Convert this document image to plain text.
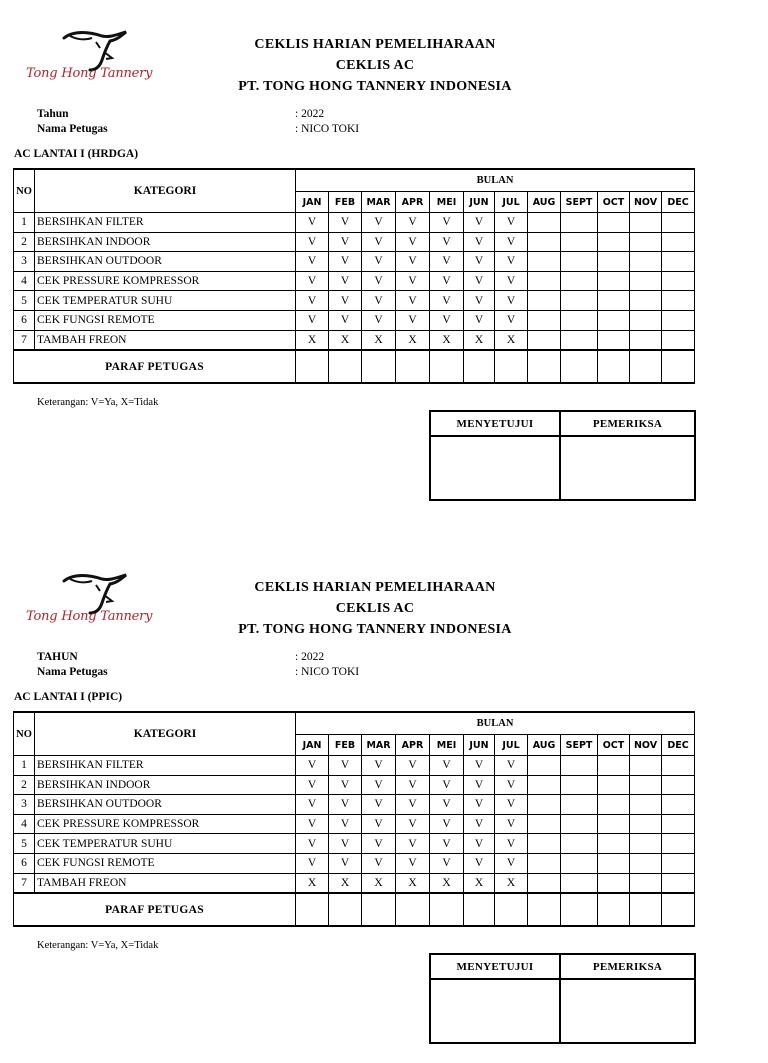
Tong Hong Tannery
CEKLIS HARIAN PEMELIHARAAN
CEKLIS AC
PT. TONG HONG TANNERY INDONESIA
Tahun	: 2022
Nama Petugas	: NICO TOKI
AC LANTAI I (HRDGA)
NO	KATEGORI	BULAN											
		JAN	FEB	MAR	APR	MEI	JUN	JUL	AUG	SEPT	OCT	NOV	DEC
1	BERSIHKAN FILTER	V	V	V	V	V	V	V					
2	BERSIHKAN INDOOR	V	V	V	V	V	V	V					
3	BERSIHKAN OUTDOOR	V	V	V	V	V	V	V					
4	CEK PRESSURE KOMPRESSOR	V	V	V	V	V	V	V					
5	CEK TEMPERATUR SUHU	V	V	V	V	V	V	V					
6	CEK FUNGSI REMOTE	V	V	V	V	V	V	V					
7	TAMBAH FREON	X	X	X	X	X	X	X					
PARAF PETUGAS													
Keterangan: V=Ya, X=Tidak
MENYETUJUI	PEMERIKSA

Tong Hong Tannery
CEKLIS HARIAN PEMELIHARAAN
CEKLIS AC
PT. TONG HONG TANNERY INDONESIA
TAHUN	: 2022
Nama Petugas	: NICO TOKI
AC LANTAI I (PPIC)
NO	KATEGORI	BULAN											
		JAN	FEB	MAR	APR	MEI	JUN	JUL	AUG	SEPT	OCT	NOV	DEC
1	BERSIHKAN FILTER	V	V	V	V	V	V	V					
2	BERSIHKAN INDOOR	V	V	V	V	V	V	V					
3	BERSIHKAN OUTDOOR	V	V	V	V	V	V	V					
4	CEK PRESSURE KOMPRESSOR	V	V	V	V	V	V	V					
5	CEK TEMPERATUR SUHU	V	V	V	V	V	V	V					
6	CEK FUNGSI REMOTE	V	V	V	V	V	V	V					
7	TAMBAH FREON	X	X	X	X	X	X	X					
PARAF PETUGAS													
Keterangan: V=Ya, X=Tidak
MENYETUJUI	PEMERIKSA
